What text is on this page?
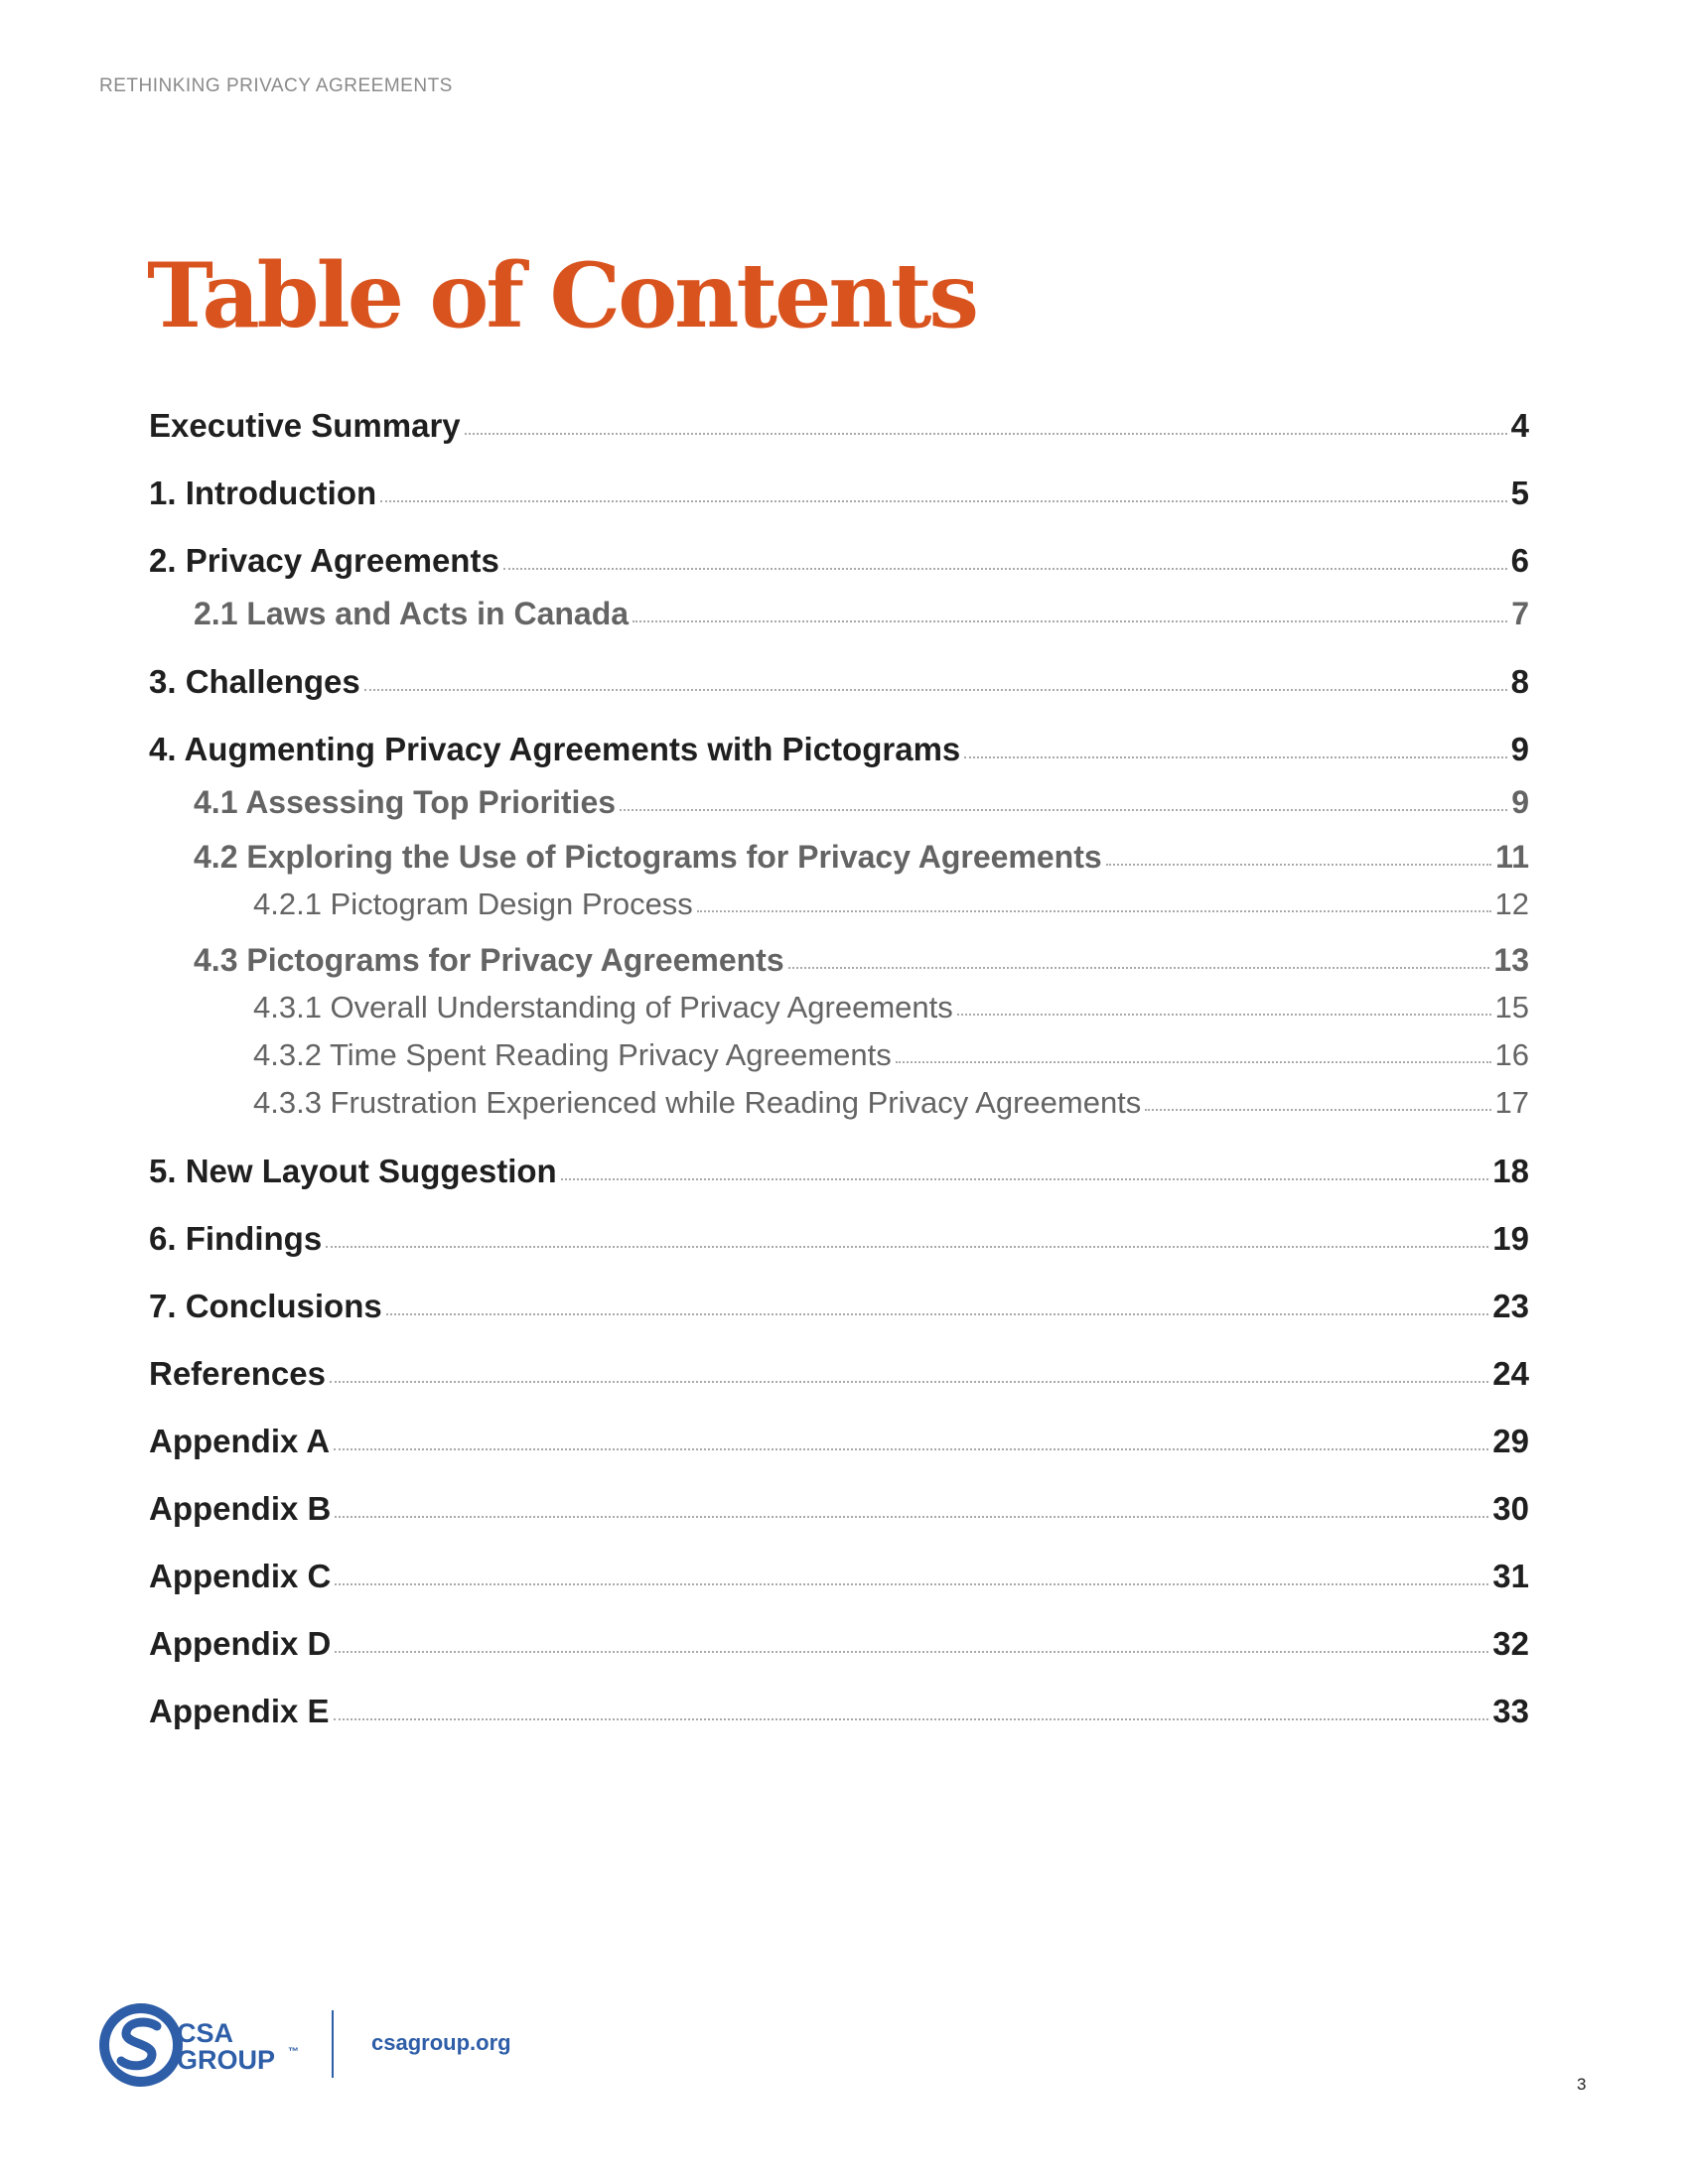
RETHINKING PRIVACY AGREEMENTS
Table of Contents
Executive Summary	4
1. Introduction	5
2. Privacy Agreements	6
2.1 Laws and Acts in Canada	7
3. Challenges	8
4. Augmenting Privacy Agreements with Pictograms	9
4.1 Assessing Top Priorities	9
4.2 Exploring the Use of Pictograms for Privacy Agreements	11
4.2.1 Pictogram Design Process	12
4.3 Pictograms for Privacy Agreements	13
4.3.1 Overall Understanding of Privacy Agreements	15
4.3.2 Time Spent Reading Privacy Agreements	16
4.3.3 Frustration Experienced while Reading Privacy Agreements	17
5. New Layout Suggestion	18
6. Findings	19
7. Conclusions	23
References	24
Appendix A	29
Appendix B	30
Appendix C	31
Appendix D	32
Appendix E	33
CSA
GROUP ™	csagroup.org
3
